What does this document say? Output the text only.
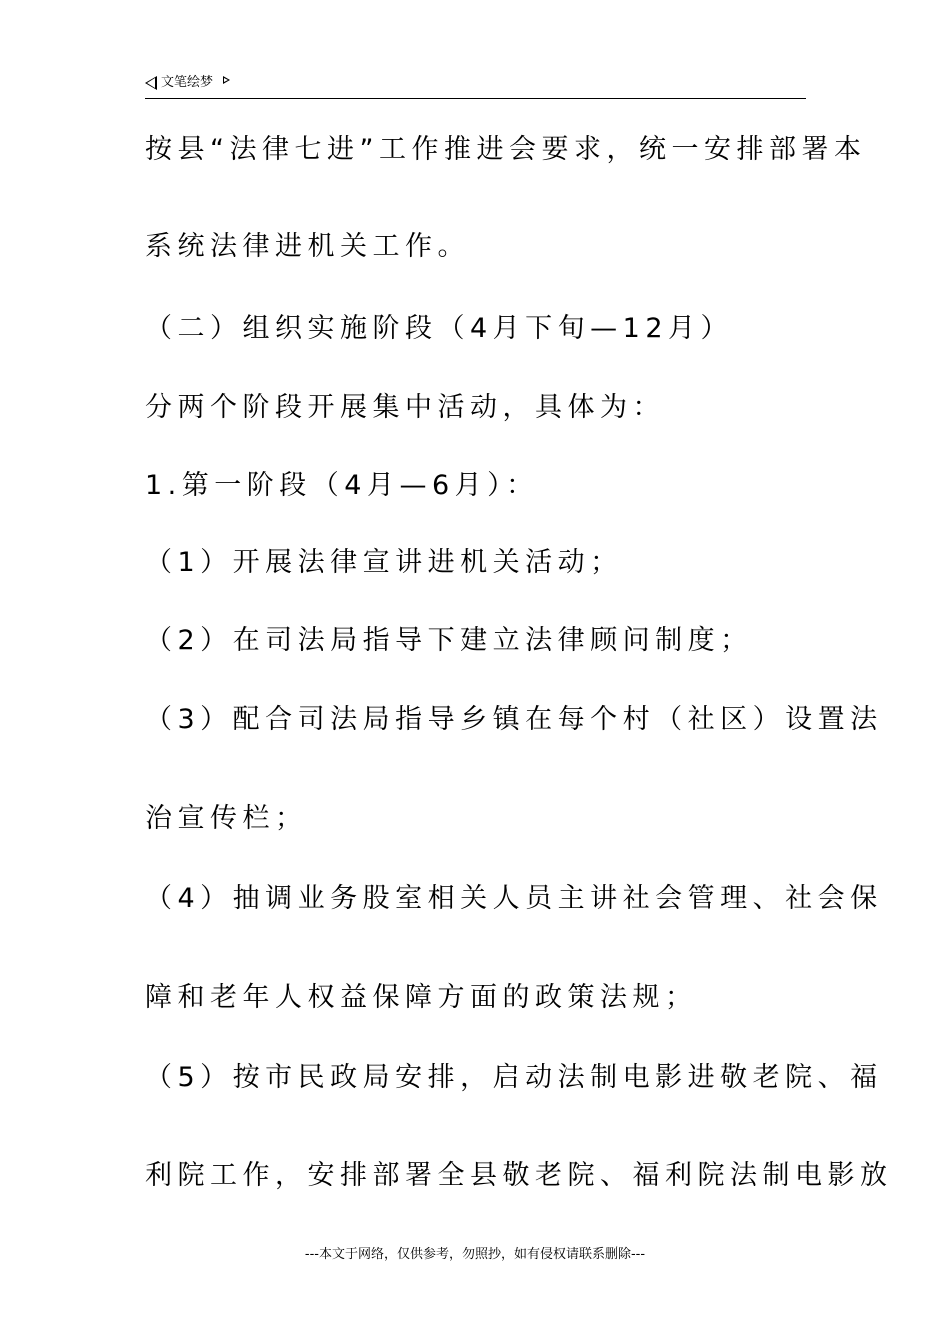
文笔绘梦
按县“法律七进”工作推进会要求，统一安排部署本
系统法律进机关工作。
（二）组织实施阶段（4月下旬—12月）
分两个阶段开展集中活动，具体为：
1.第一阶段（4月—6月）：
（1）开展法律宣讲进机关活动；
（2）在司法局指导下建立法律顾问制度；
（3）配合司法局指导乡镇在每个村（社区）设置法
治宣传栏；
（4）抽调业务股室相关人员主讲社会管理、社会保
障和老年人权益保障方面的政策法规；
（5）按市民政局安排，启动法制电影进敬老院、福
利院工作，安排部署全县敬老院、福利院法制电影放
---本文于网络，仅供参考，勿照抄，如有侵权请联系删除---
